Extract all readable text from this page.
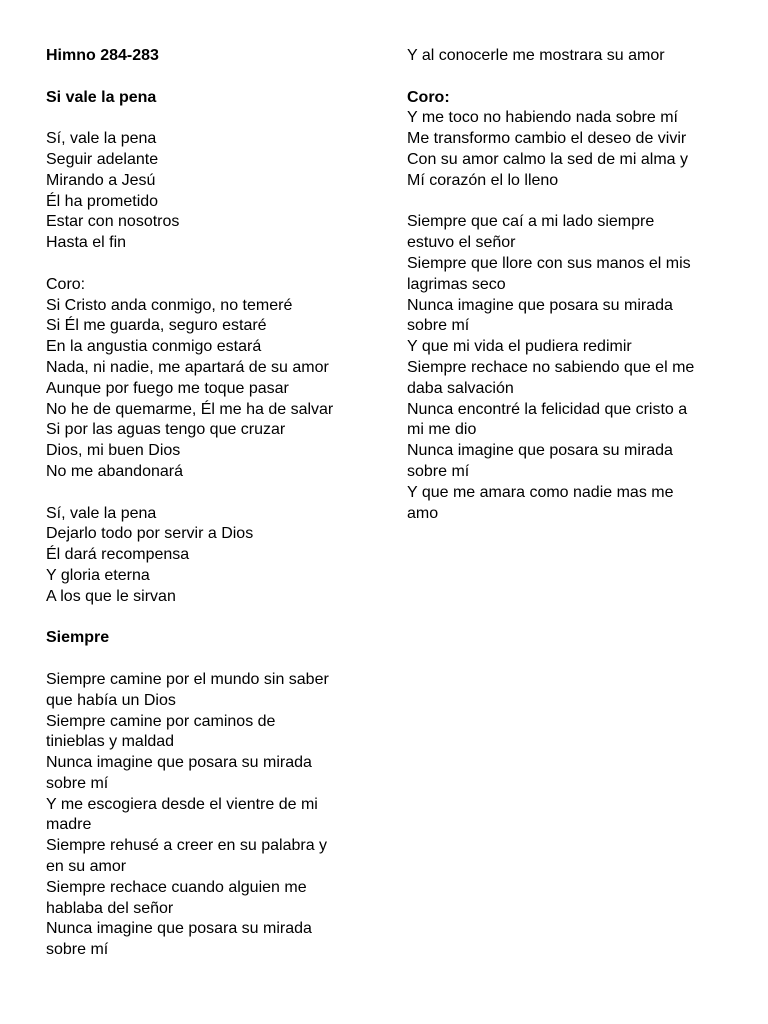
Himno 284-283
Si vale la pena
Sí, vale la pena
Seguir adelante
Mirando a Jesú
Él ha prometido
Estar con nosotros
Hasta el fin
Coro:
Si Cristo anda conmigo, no temeré
Si Él me guarda, seguro estaré
En la angustia conmigo estará
Nada, ni nadie, me apartará de su amor
Aunque por fuego me toque pasar
No he de quemarme, Él me ha de salvar
Si por las aguas tengo que cruzar
Dios, mi buen Dios
No me abandonará
Sí, vale la pena
Dejarlo todo por servir a Dios
Él dará recompensa
Y gloria eterna
A los que le sirvan
Siempre
Siempre camine por el mundo sin saber
que había un Dios
Siempre camine por caminos de
tinieblas y maldad
Nunca imagine que posara su mirada
sobre mí
Y me escogiera desde el vientre de mi
madre
Siempre rehusé a creer en su palabra y
en su amor
Siempre rechace cuando alguien me
hablaba del señor
Nunca imagine que posara su mirada
sobre mí
Y al conocerle me mostrara su amor
Coro:
Y me toco no habiendo nada sobre mí
Me transformo cambio el deseo de vivir
Con su amor calmo la sed de mi alma y
Mí corazón el lo lleno
Siempre que caí a mi lado siempre
estuvo el señor
Siempre que llore con sus manos el mis
lagrimas seco
Nunca imagine que posara su mirada
sobre mí
Y que mi vida el pudiera redimir
Siempre rechace no sabiendo que el me
daba salvación
Nunca encontré la felicidad que cristo a
mi me dio
Nunca imagine que posara su mirada
sobre mí
Y que me amara como nadie mas me
amo
